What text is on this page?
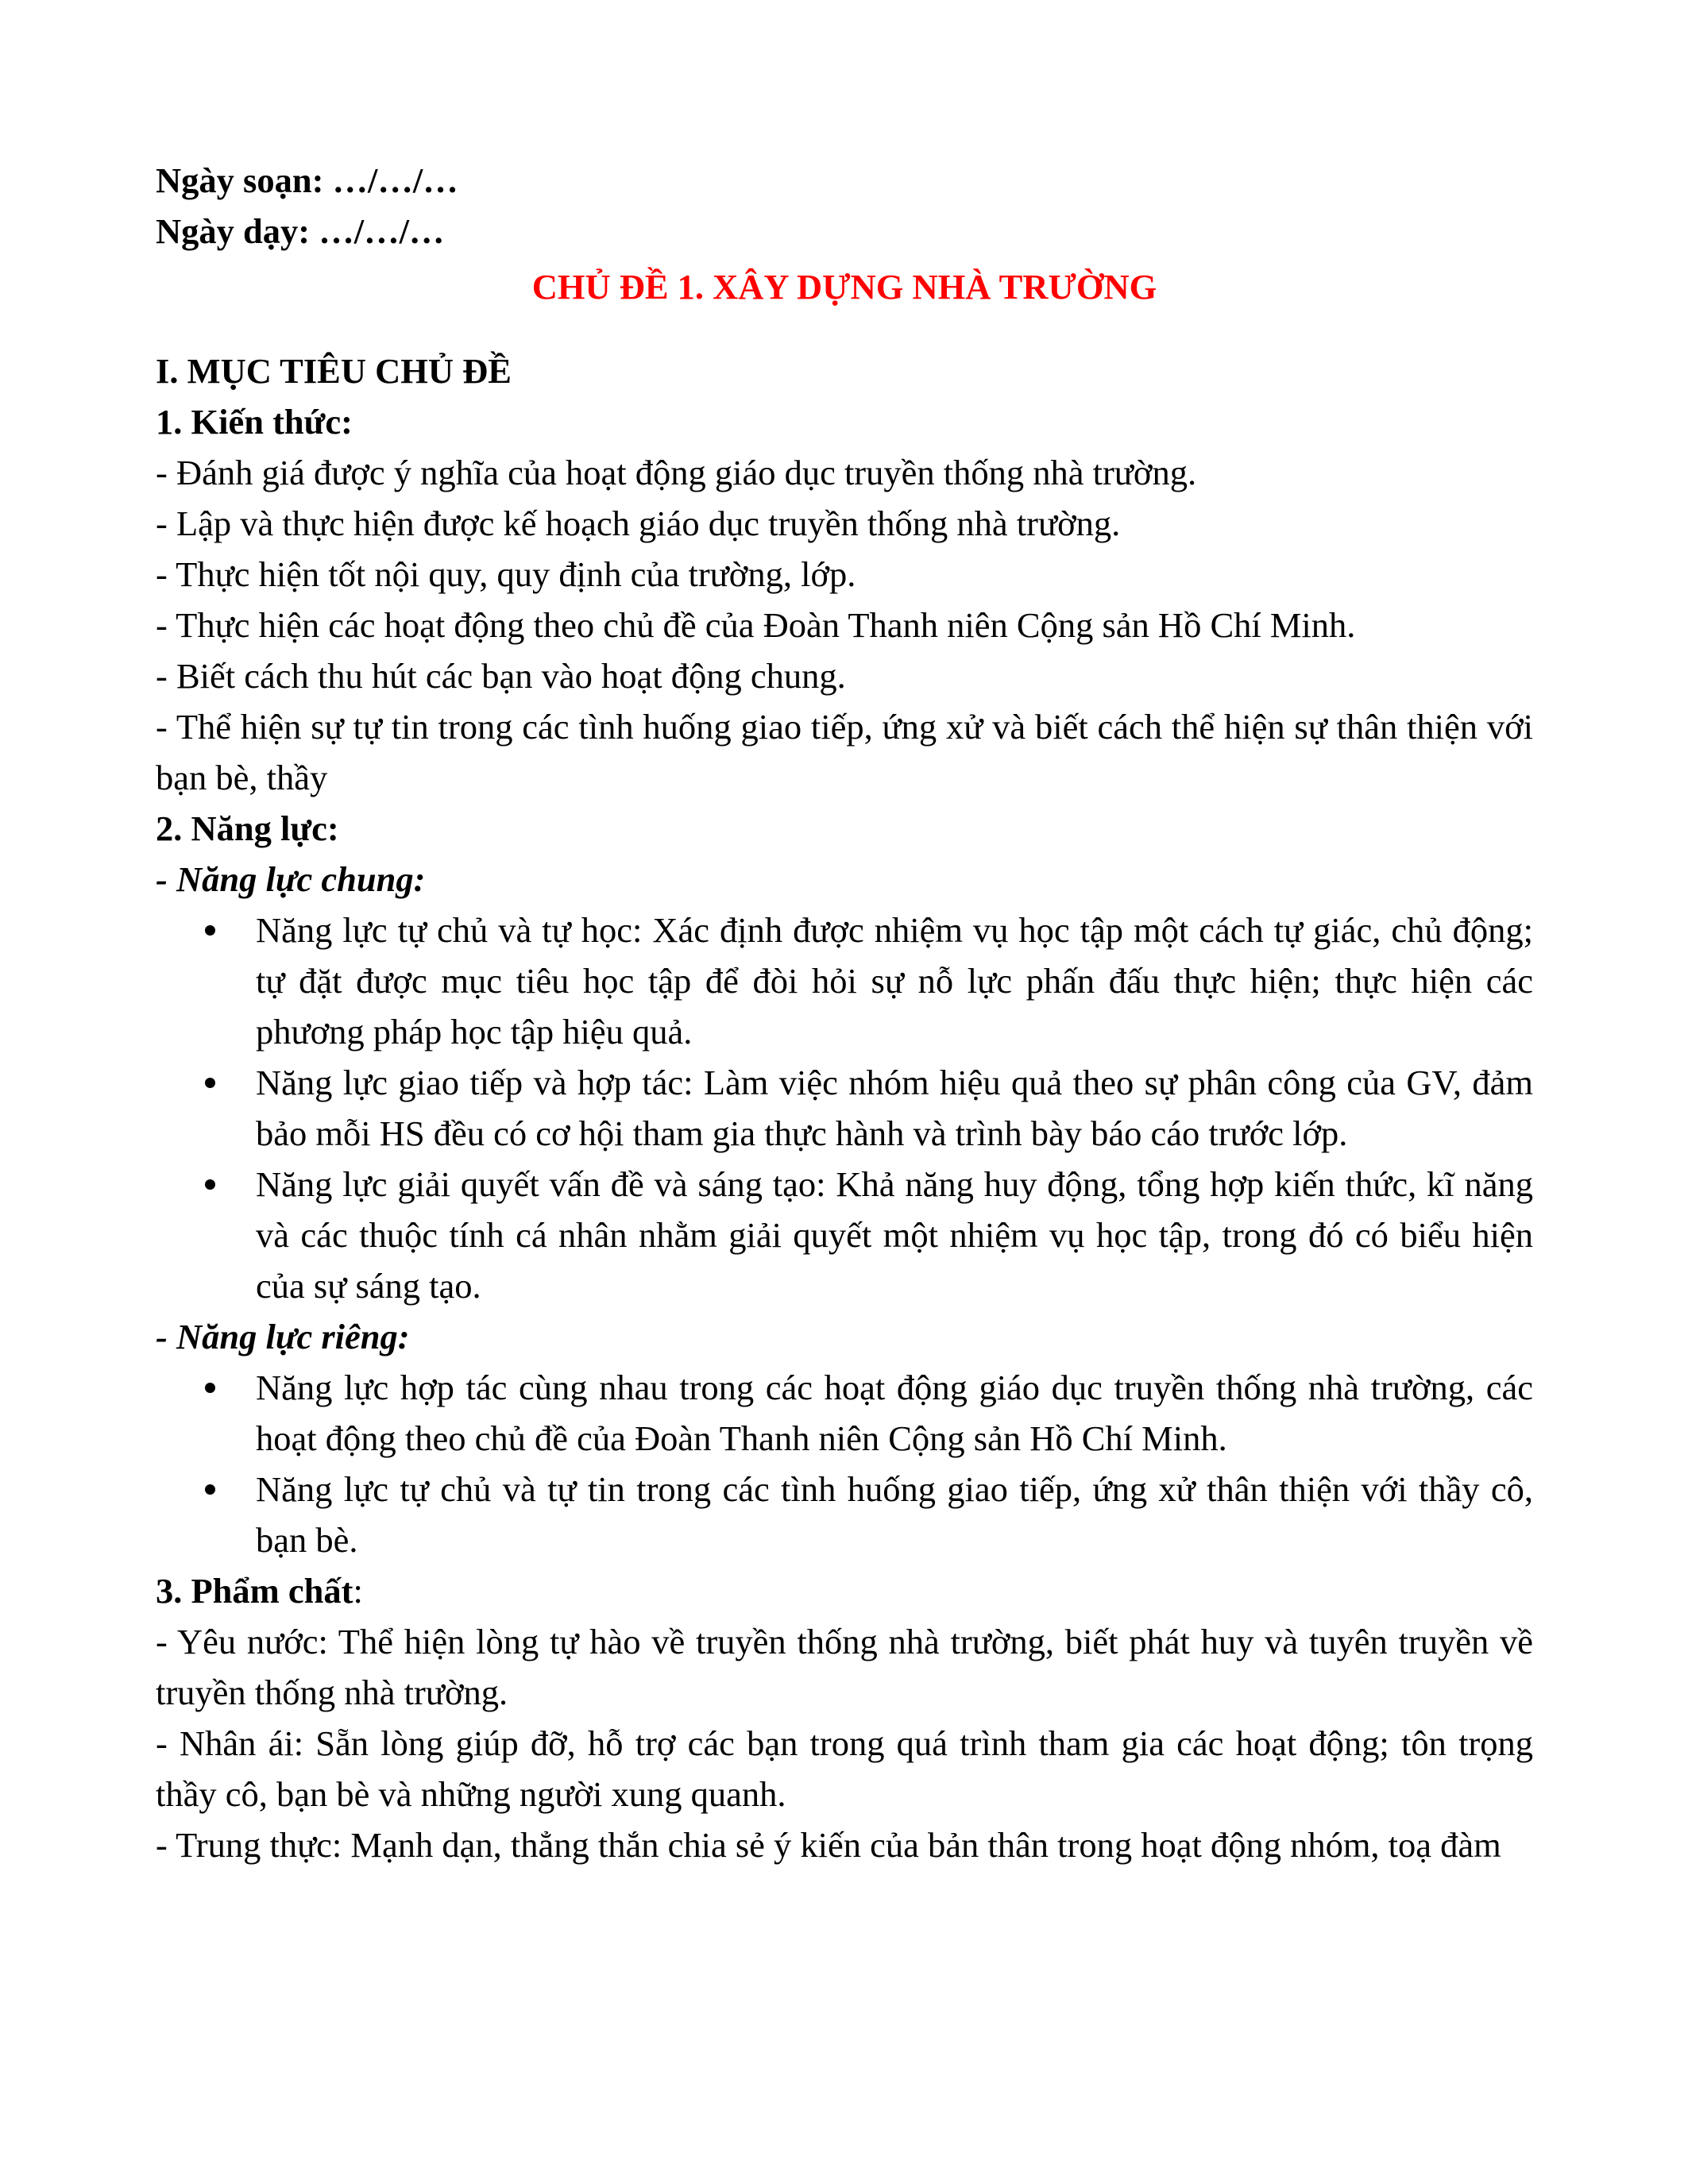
Ngày soạn: …/…/…

Ngày dạy: …/…/…

CHỦ ĐỀ 1. XÂY DỰNG NHÀ TRƯỜNG

I. MỤC TIÊU CHỦ ĐỀ

1. Kiến thức:

- Đánh giá được ý nghĩa của hoạt động giáo dục truyền thống nhà trường.

- Lập và thực hiện được kế hoạch giáo dục truyền thống nhà trường.

- Thực hiện tốt nội quy, quy định của trường, lớp.

- Thực hiện các hoạt động theo chủ đề của Đoàn Thanh niên Cộng sản Hồ Chí Minh.

- Biết cách thu hút các bạn vào hoạt động chung.

- Thể hiện sự tự tin trong các tình huống giao tiếp, ứng xử và biết cách thể hiện sự thân thiện với bạn bè, thầy

2. Năng lực:

- Năng lực chung:

Năng lực tự chủ và tự học: Xác định được nhiệm vụ học tập một cách tự giác, chủ động; tự đặt được mục tiêu học tập để đòi hỏi sự nỗ lực phấn đấu thực hiện; thực hiện các phương pháp học tập hiệu quả.
Năng lực giao tiếp và hợp tác: Làm việc nhóm hiệu quả theo sự phân công của GV, đảm bảo mỗi HS đều có cơ hội tham gia thực hành và trình bày báo cáo trước lớp.
Năng lực giải quyết vấn đề và sáng tạo: Khả năng huy động, tổng hợp kiến thức, kĩ năng và các thuộc tính cá nhân nhằm giải quyết một nhiệm vụ học tập, trong đó có biểu hiện của sự sáng tạo.

- Năng lực riêng:

Năng lực hợp tác cùng nhau trong các hoạt động giáo dục truyền thống nhà trường, các hoạt động theo chủ đề của Đoàn Thanh niên Cộng sản Hồ Chí Minh.
Năng lực tự chủ và tự tin trong các tình huống giao tiếp, ứng xử thân thiện với thầy cô, bạn bè.

3. Phẩm chất:

- Yêu nước: Thể hiện lòng tự hào về truyền thống nhà trường, biết phát huy và tuyên truyền về truyền thống nhà trường.

- Nhân ái: Sẵn lòng giúp đỡ, hỗ trợ các bạn trong quá trình tham gia các hoạt động; tôn trọng thầy cô, bạn bè và những người xung quanh.

- Trung thực: Mạnh dạn, thẳng thắn chia sẻ ý kiến của bản thân trong hoạt động nhóm, toạ đàm
